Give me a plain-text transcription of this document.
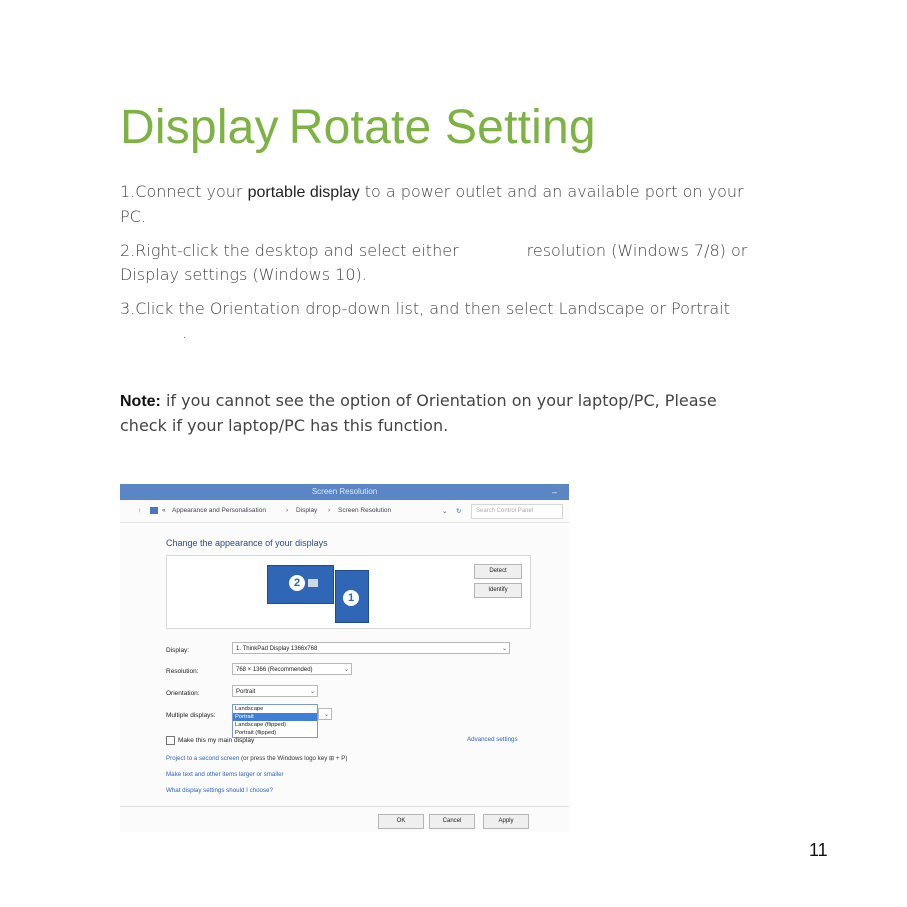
Display Rotate Setting
1.Connect your portable display to a power outlet and an available port on your PC.
2.Right-click the desktop and select either	resolution (Windows 7/8) or Display settings (Windows 10).
3.Click the Orientation drop-down list, and then select Landscape or Portrait.
Note: if you cannot see the option of Orientation on your laptop/PC, Please check if your laptop/PC has this function.
Screen Resolution	–
↑	« Appearance and Personalisation	› Display › Screen Resolution	⌄ ↻	Search Control Panel
Change the appearance of your displays
2
1
Detect
Identify
Display:	1. ThinkPad Display 1366x768	⌄
Resolution:	768 × 1366 (Recommended)	⌄
Orientation:	Portrait	⌄
Landscape
Portrait
Landscape (flipped)
Portrait (flipped)
Multiple displays:	⌄
Make this my main display	Advanced settings
Project to a second screen (or press the Windows logo key ⊞ + P)
Make text and other items larger or smaller
What display settings should I choose?
OK	Cancel	Apply
11
